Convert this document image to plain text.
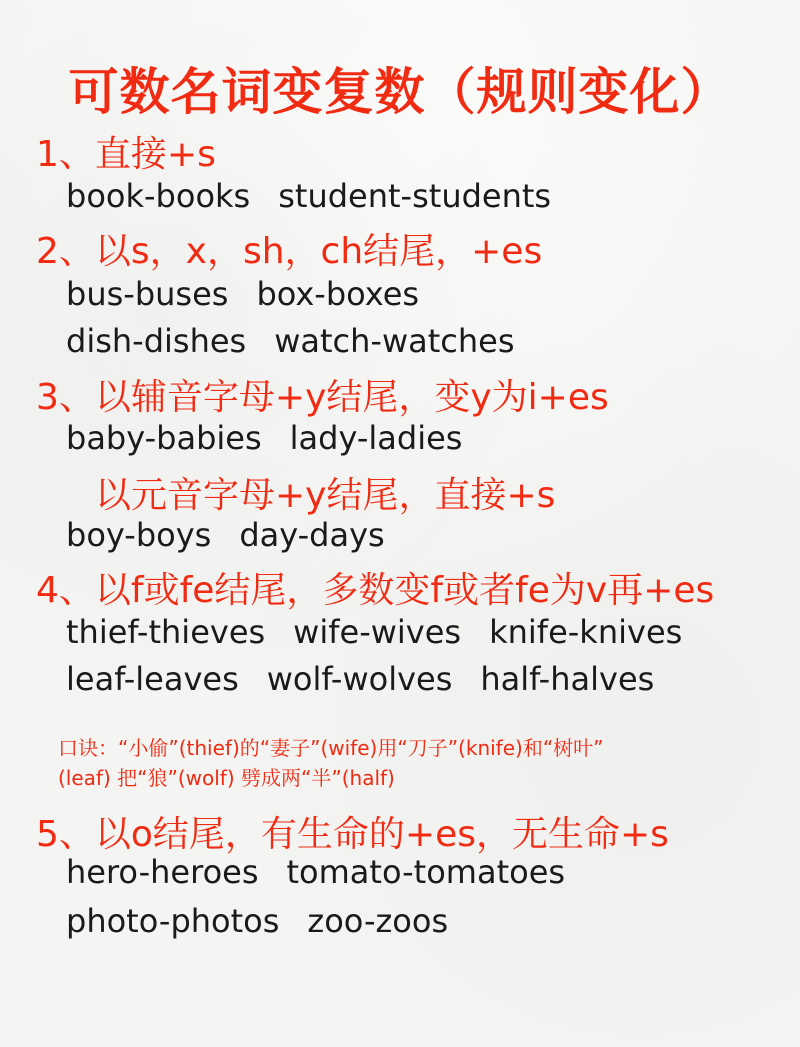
可数名词变复数（规则变化）
1、直接+s
book-books student-students
2、以s，x，sh，ch结尾，+es
bus-buses box-boxes
dish-dishes watch-watches
3、以辅音字母+y结尾，变y为i+es
baby-babies lady-ladies
以元音字母+y结尾，直接+s
boy-boys day-days
4、以f或fe结尾，多数变f或者fe为v再+es
thief-thieves wife-wives knife-knives
leaf-leaves wolf-wolves half-halves
口诀：“小偷”(thief)的“妻子”(wife)用“刀子”(knife)和“树叶”
(leaf) 把“狼”(wolf) 劈成两“半”(half)
5、以o结尾，有生命的+es，无生命+s
hero-heroes tomato-tomatoes
photo-photos zoo-zoos
